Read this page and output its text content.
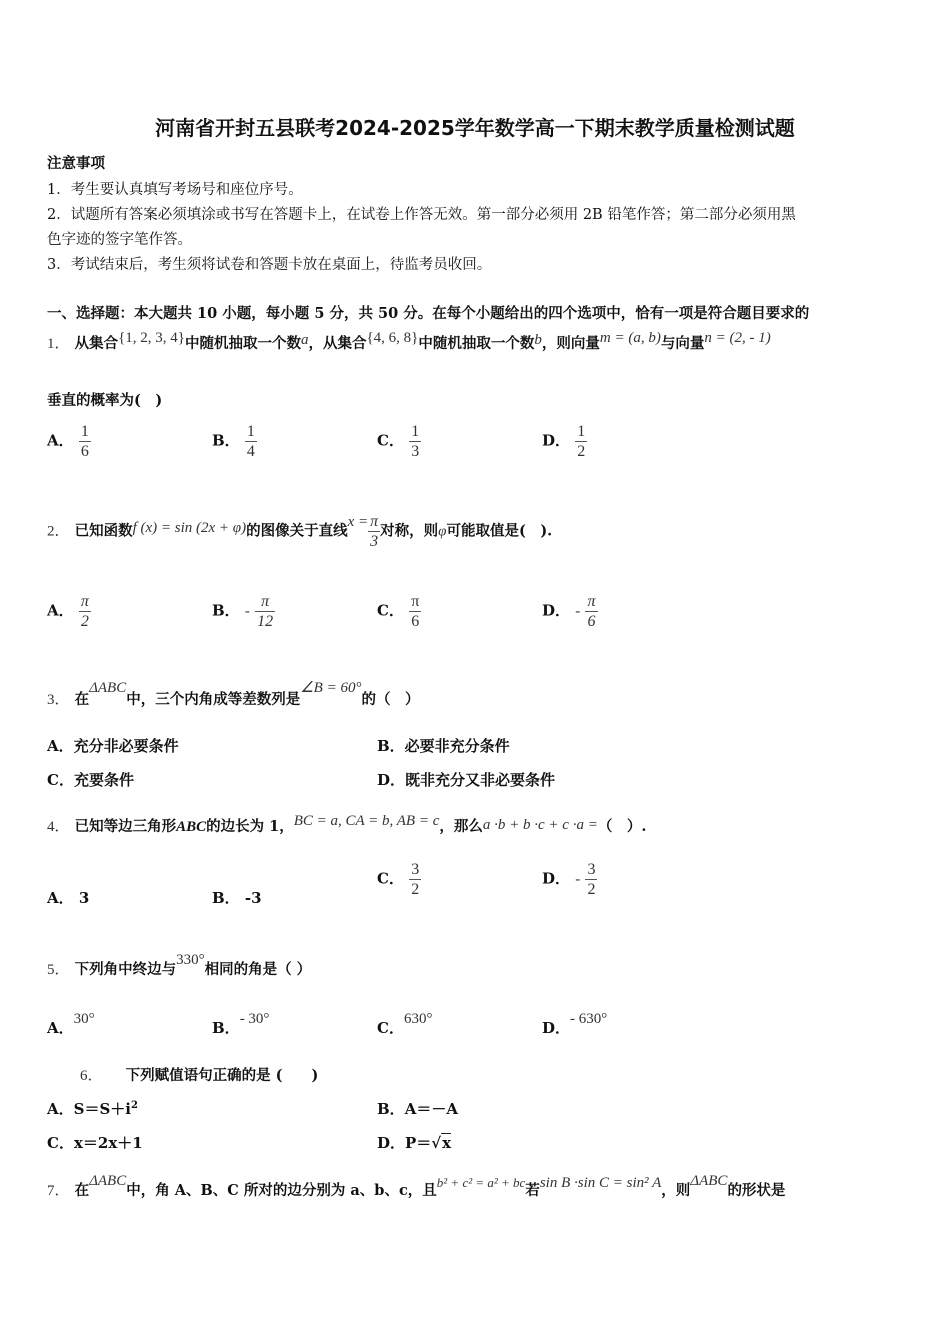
河南省开封五县联考2024-2025学年数学高一下期末教学质量检测试题
注意事项
1．考生要认真填写考场号和座位序号。
2．试题所有答案必须填涂或书写在答题卡上，在试卷上作答无效。第一部分必须用 2B 铅笔作答；第二部分必须用黑
色字迹的签字笔作答。
3．考试结束后，考生须将试卷和答题卡放在桌面上，待监考员收回。
一、选择题：本大题共 10 小题，每小题 5 分，共 50 分。在每个小题给出的四个选项中，恰有一项是符合题目要求的
1． 从集合{1, 2, 3, 4}中随机抽取一个数a，从集合{4, 6, 8}中随机抽取一个数b，则向量m = (a, b)与向量n = (2, - 1)
垂直的概率为(　)
A． $\frac{1}{6}$	B． $\frac{1}{4}$	C． $\frac{1}{3}$	D． $\frac{1}{2}$
2． 已知函数f (x) = sin (2x + φ)的图像关于直线$x = \frac{\pi}{3}$ 对称，则φ可能取值是(　).
A． $\frac{\pi}{2}$	B． - $\frac{\pi}{12}$	C． $\frac{\pi}{6}$	D． - $\frac{\pi}{6}$
3． 在ΔABC中，三个内角成等差数列是∠B = 60°的（　）
A．充分非必要条件	B．必要非充分条件
C．充要条件	D．既非充分又非必要条件
4． 已知等边三角形ABC的边长为 1，BC = a, CA = b, AB = c，那么a ·b + b ·c + c ·a =（　）.
A． 3	B． -3
C． $\frac{3}{2}$	D． - $\frac{3}{2}$
5． 下列角中终边与330°相同的角是（ ）
A．30°	B．- 30°	C．630°	D．- 630°
6． 下列赋值语句正确的是 (　　)
A．$S=S+i^2$	B．A＝－A
C．x＝2x＋1	D．P＝√x
7． 在ΔABC中，角 A、B、C 所对的边分别为 a、b、c，且b² + c² = a² + bc若sin B ·sin C = sin² A，则ΔABC的形状是
